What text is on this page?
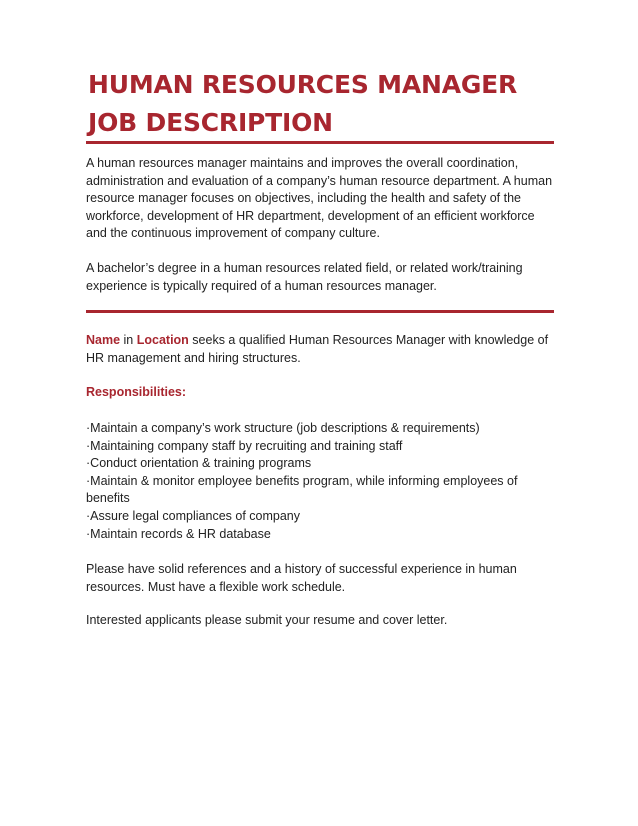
HUMAN RESOURCES MANAGER
JOB DESCRIPTION

A human resources manager maintains and improves the overall coordination, administration and evaluation of a company’s human resource department. A human resource manager focuses on objectives, including the health and safety of the workforce, development of HR department, development of an efficient workforce and the continuous improvement of company culture.

A bachelor’s degree in a human resources related field, or related work/training experience is typically required of a human resources manager.

Name in Location seeks a qualified Human Resources Manager with knowledge of HR management and hiring structures.

Responsibilities:
·Maintain a company’s work structure (job descriptions & requirements)
·Maintaining company staff by recruiting and training staff
·Conduct orientation & training programs
·Maintain & monitor employee benefits program, while informing employees of benefits
·Assure legal compliances of company
·Maintain records & HR database

Please have solid references and a history of successful experience in human resources. Must have a flexible work schedule.

Interested applicants please submit your resume and cover letter.
